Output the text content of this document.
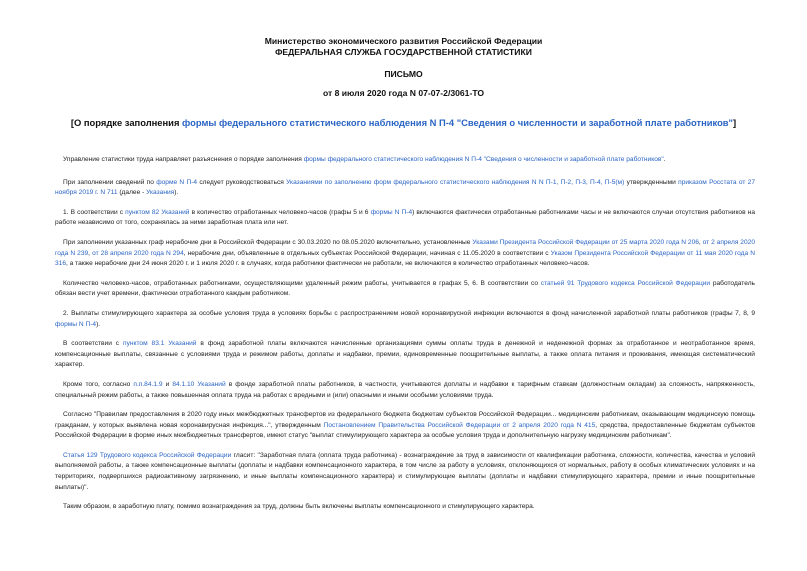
Министерство экономического развития Российской Федерации
ФЕДЕРАЛЬНАЯ СЛУЖБА ГОСУДАРСТВЕННОЙ СТАТИСТИКИ
ПИСЬМО
от 8 июля 2020 года N 07-07-2/3061-ТО
[О порядке заполнения формы федерального статистического наблюдения N П-4 "Сведения о численности и заработной плате работников"]

Управление статистики труда направляет разъяснения о порядке заполнения формы федерального статистического наблюдения N П-4 "Сведения о численности и заработной плате работников".

При заполнении сведений по форме N П-4 следует руководствоваться Указаниями по заполнению форм федерального статистического наблюдения N N П-1, П-2, П-3, П-4, П-5(м) утвержденными приказом Росстата от 27 ноября 2019 г. N 711 (далее - Указания).

1. В соответствии с пунктом 82 Указаний в количество отработанных человеко-часов (графы 5 и 6 формы N П-4) включаются фактически отработанные работниками часы и не включаются случаи отсутствия работников на работе независимо от того, сохранялась за ними заработная плата или нет.

При заполнении указанных граф нерабочие дни в Российской Федерации с 30.03.2020 по 08.05.2020 включительно, установленные Указами Президента Российской Федерации от 25 марта 2020 года N 206, от 2 апреля 2020 года N 239, от 28 апреля 2020 года N 294, нерабочие дни, объявленные в отдельных субъектах Российской Федерации, начиная с 11.05.2020 в соответствии с Указом Президента Российской Федерации от 11 мая 2020 года N 316, а также нерабочие дни 24 июня 2020 г. и 1 июля 2020 г. в случаях, когда работники фактически не работали, не включаются в количество отработанных человеко-часов.

Количество человеко-часов, отработанных работниками, осуществляющими удаленный режим работы, учитывается в графах 5, 6. В соответствии со статьей 91 Трудового кодекса Российской Федерации работодатель обязан вести учет времени, фактически отработанного каждым работником.

2. Выплаты стимулирующего характера за особые условия труда в условиях борьбы с распространением новой коронавирусной инфекции включаются в фонд начисленной заработной платы работников (графы 7, 8, 9 формы N П-4).

В соответствии с пунктом 83.1 Указаний в фонд заработной платы включаются начисленные организациями суммы оплаты труда в денежной и неденежной формах за отработанное и неотработанное время, компенсационные выплаты, связанные с условиями труда и режимом работы, доплаты и надбавки, премии, единовременные поощрительные выплаты, а также оплата питания и проживания, имеющая систематический характер.

Кроме того, согласно п.п.84.1.9 и 84.1.10 Указаний в фонде заработной платы работников, в частности, учитываются доплаты и надбавки к тарифным ставкам (должностным окладам) за сложность, напряженность, специальный режим работы, а также повышенная оплата труда на работах с вредными и (или) опасными и иными особыми условиями труда.

Согласно "Правилам предоставления в 2020 году иных межбюджетных трансфертов из федерального бюджета бюджетам субъектов Российской Федерации... медицинским работникам, оказывающим медицинскую помощь гражданам, у которых выявлена новая коронавирусная инфекция...", утвержденным Постановлением Правительства Российской Федерации от 2 апреля 2020 года N 415, средства, предоставленные бюджетам субъектов Российской Федерации в форме иных межбюджетных трансфертов, имеют статус "выплат стимулирующего характера за особые условия труда и дополнительную нагрузку медицинским работникам".

Статья 129 Трудового кодекса Российской Федерации гласит: "Заработная плата (оплата труда работника) - вознаграждение за труд в зависимости от квалификации работника, сложности, количества, качества и условий выполняемой работы, а также компенсационные выплаты (доплаты и надбавки компенсационного характера, в том числе за работу в условиях, отклоняющихся от нормальных, работу в особых климатических условиях и на территориях, подвергшихся радиоактивному загрязнению, и иные выплаты компенсационного характера) и стимулирующие выплаты (доплаты и надбавки стимулирующего характера, премии и иные поощрительные выплаты)".

Таким образом, в заработную плату, помимо вознаграждения за труд, должны быть включены выплаты компенсационного и стимулирующего характера.
